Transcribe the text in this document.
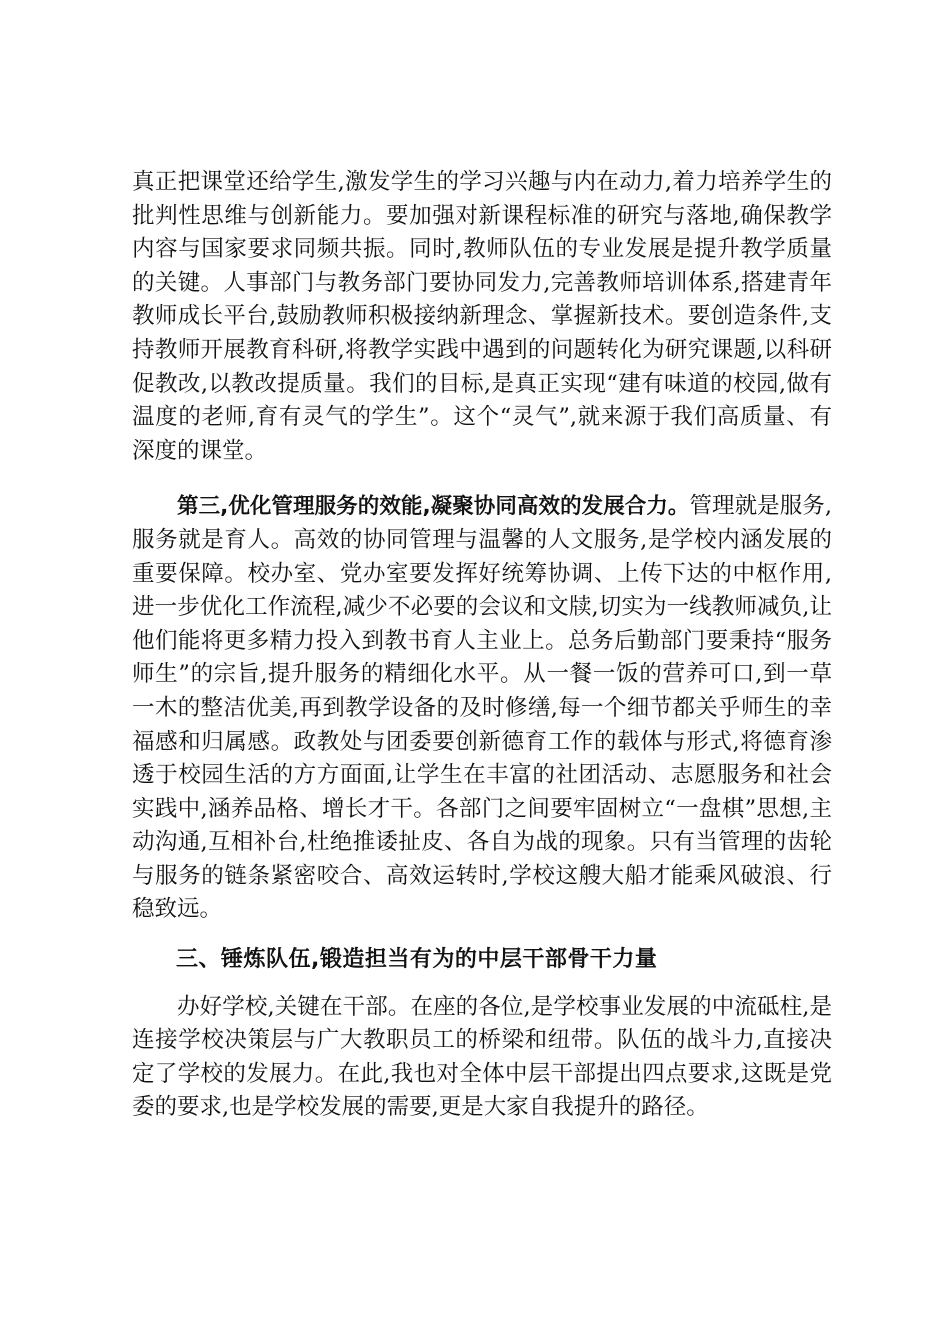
真正把课堂还给学生,激发学生的学习兴趣与内在动力,着力培养学生的批判性思维与创新能力。要加强对新课程标准的研究与落地,确保教学内容与国家要求同频共振。同时,教师队伍的专业发展是提升教学质量的关键。人事部门与教务部门要协同发力,完善教师培训体系,搭建青年教师成长平台,鼓励教师积极接纳新理念、掌握新技术。要创造条件,支持教师开展教育科研,将教学实践中遇到的问题转化为研究课题,以科研促教改,以教改提质量。我们的目标,是真正实现“建有味道的校园,做有温度的老师,育有灵气的学生”。这个“灵气”,就来源于我们高质量、有深度的课堂。

第三,优化管理服务的效能,凝聚协同高效的发展合力。管理就是服务,服务就是育人。高效的协同管理与温馨的人文服务,是学校内涵发展的重要保障。校办室、党办室要发挥好统筹协调、上传下达的中枢作用,进一步优化工作流程,减少不必要的会议和文牍,切实为一线教师减负,让他们能将更多精力投入到教书育人主业上。总务后勤部门要秉持“服务师生”的宗旨,提升服务的精细化水平。从一餐一饭的营养可口,到一草一木的整洁优美,再到教学设备的及时修缮,每一个细节都关乎师生的幸福感和归属感。政教处与团委要创新德育工作的载体与形式,将德育渗透于校园生活的方方面面,让学生在丰富的社团活动、志愿服务和社会实践中,涵养品格、增长才干。各部门之间要牢固树立“一盘棋”思想,主动沟通,互相补台,杜绝推诿扯皮、各自为战的现象。只有当管理的齿轮与服务的链条紧密咬合、高效运转时,学校这艘大船才能乘风破浪、行稳致远。

三、锤炼队伍,锻造担当有为的中层干部骨干力量

办好学校,关键在干部。在座的各位,是学校事业发展的中流砥柱,是连接学校决策层与广大教职员工的桥梁和纽带。队伍的战斗力,直接决定了学校的发展力。在此,我也对全体中层干部提出四点要求,这既是党委的要求,也是学校发展的需要,更是大家自我提升的路径。
